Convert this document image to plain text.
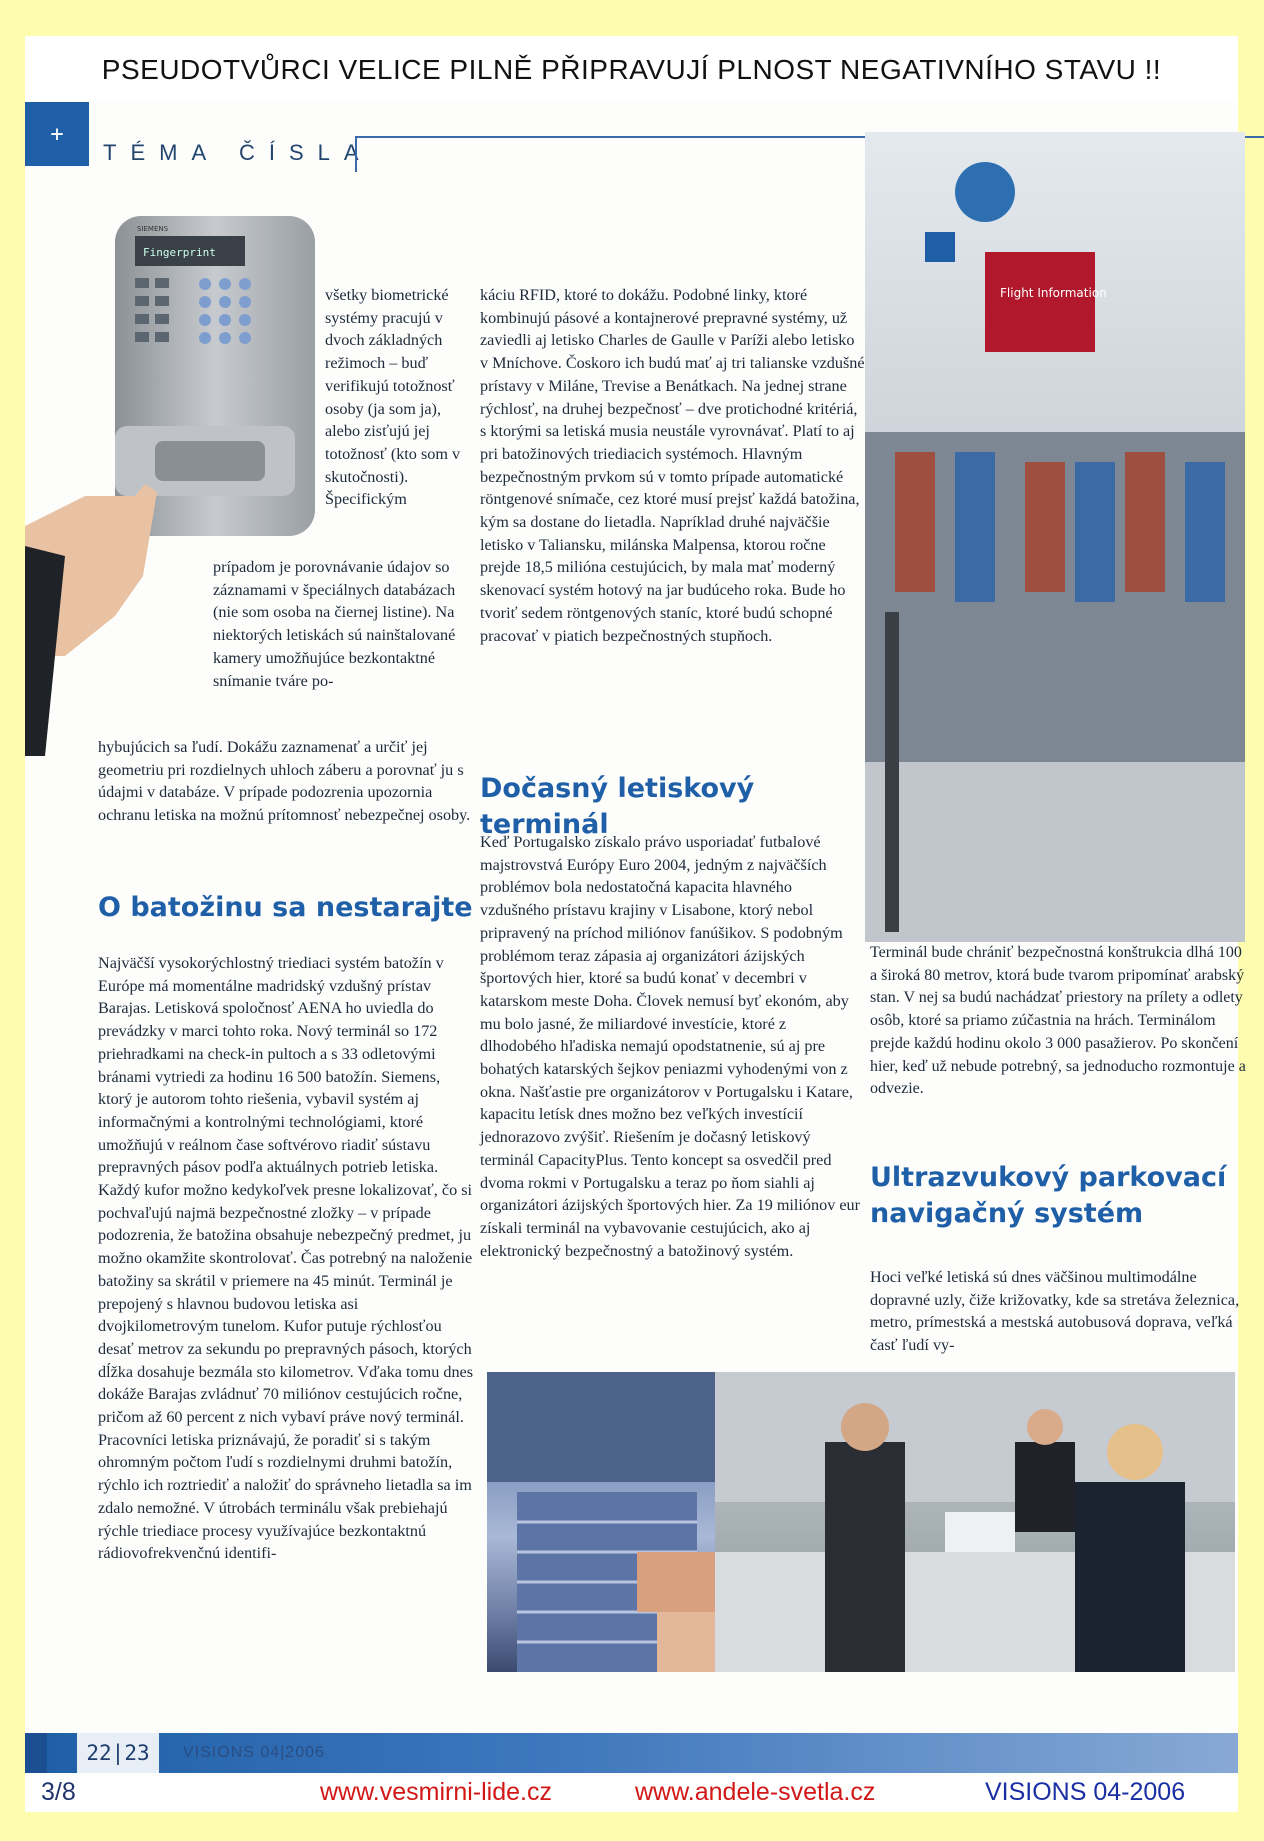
PSEUDOTVŮRCI VELICE PILNĚ PŘIPRAVUJÍ PLNOST NEGATIVNÍHO STAVU !!
+
TÉMA ČÍSLA
Fingerprint
SIEMENS
Flight Information
všetky biometrické systémy pracujú v dvoch základných režimoch – buď verifikujú totožnosť osoby (ja som ja), alebo zisťujú jej totožnosť (kto som v skutočnosti). Špecifickým
prípadom je porovnávanie údajov so záznamami v špeciálnych databázach (nie som osoba na čiernej listine). Na niektorých letiskách sú nainštalované kamery umožňujúce bezkontaktné snímanie tváre po-
hybujúcich sa ľudí. Dokážu zaznamenať a určiť jej geometriu pri rozdielnych uhloch záberu a porovnať ju s údajmi v databáze. V prípade podozrenia upozornia ochranu letiska na možnú prítomnosť nebezpečnej osoby.
O batožinu sa nestarajte
Najväčší vysokorýchlostný triediaci systém batožín v Európe má momentálne madridský vzdušný prístav Barajas. Letisková spoločnosť AENA ho uviedla do prevádzky v marci tohto roka. Nový terminál so 172 priehradkami na check-in pultoch a s 33 odletovými bránami vytriedi za hodinu 16 500 batožín. Siemens, ktorý je autorom tohto riešenia, vybavil systém aj informačnými a kontrolnými technológiami, ktoré umožňujú v reálnom čase softvérovo riadiť sústavu prepravných pásov podľa aktuálnych potrieb letiska. Každý kufor možno kedykoľvek presne lokalizovať, čo si pochvaľujú najmä bezpečnostné zložky – v prípade podozrenia, že batožina obsahuje nebezpečný predmet, ju možno okamžite skontrolovať. Čas potrebný na naloženie batožiny sa skrátil v priemere na 45 minút. Terminál je prepojený s hlavnou budovou letiska asi dvojkilometrovým tunelom. Kufor putuje rýchlosťou desať metrov za sekundu po prepravných pásoch, ktorých dĺžka dosahuje bezmála sto kilometrov. Vďaka tomu dnes dokáže Barajas zvládnuť 70 miliónov cestujúcich ročne, pričom až 60 percent z nich vybaví práve nový terminál. Pracovníci letiska priznávajú, že poradiť si s takým ohromným počtom ľudí s rozdielnymi druhmi batožín, rýchlo ich roztriediť a naložiť do správneho lietadla sa im zdalo nemožné. V útrobách terminálu však prebiehajú rýchle triediace procesy využívajúce bezkontaktnú rádiovofrekvenčnú identifi-
káciu RFID, ktoré to dokážu. Podobné linky, ktoré kombinujú pásové a kontajnerové prepravné systémy, už zaviedli aj letisko Charles de Gaulle v Paríži alebo letisko v Mníchove. Čoskoro ich budú mať aj tri talianske vzdušné prístavy v Miláne, Trevise a Benátkach. Na jednej strane rýchlosť, na druhej bezpečnosť – dve protichodné kritériá, s ktorými sa letiská musia neustále vyrovnávať. Platí to aj pri batožinových triediacich systémoch. Hlavným bezpečnostným prvkom sú v tomto prípade automatické röntgenové snímače, cez ktoré musí prejsť každá batožina, kým sa dostane do lietadla. Napríklad druhé najväčšie letisko v Taliansku, milánska Malpensa, ktorou ročne prejde 18,5 milióna cestujúcich, by mala mať moderný skenovací systém hotový na jar budúceho roka. Bude ho tvoriť sedem röntgenových staníc, ktoré budú schopné pracovať v piatich bezpečnostných stupňoch.
Dočasný letiskový terminál
Keď Portugalsko získalo právo usporiadať futbalové majstrovstvá Európy Euro 2004, jedným z najväčších problémov bola nedostatočná kapacita hlavného vzdušného prístavu krajiny v Lisabone, ktorý nebol pripravený na príchod miliónov fanúšikov. S podobným problémom teraz zápasia aj organizátori ázijských športových hier, ktoré sa budú konať v decembri v katarskom meste Doha. Človek nemusí byť ekonóm, aby mu bolo jasné, že miliardové investície, ktoré z dlhodobého hľadiska nemajú opodstatnenie, sú aj pre bohatých katarských šejkov peniazmi vyhodenými von z okna. Našťastie pre organizátorov v Portugalsku i Katare, kapacitu letísk dnes možno bez veľkých investícií jednorazovo zvýšiť. Riešením je dočasný letiskový terminál CapacityPlus. Tento koncept sa osvedčil pred dvoma rokmi v Portugalsku a teraz po ňom siahli aj organizátori ázijských športových hier. Za 19 miliónov eur získali terminál na vybavovanie cestujúcich, ako aj elektronický bezpečnostný a batožinový systém.
Terminál bude chrániť bezpečnostná konštrukcia dlhá 100 a široká 80 metrov, ktorá bude tvarom pripomínať arabský stan. V nej sa budú nachádzať priestory na prílety a odlety osôb, ktoré sa priamo zúčastnia na hrách. Terminálom prejde každú hodinu okolo 3 000 pasažierov. Po skončení hier, keď už nebude potrebný, sa jednoducho rozmontuje a odvezie.
Ultrazvukový parkovací navigačný systém
Hoci veľké letiská sú dnes väčšinou multimodálne dopravné uzly, čiže križovatky, kde sa stretáva železnica, metro, prímestská a mestská autobusová doprava, veľká časť ľudí vy-
22|23	VISIONS 04|2006
3/8	www.vesmirni-lide.cz	www.andele-svetla.cz	VISIONS 04-2006
